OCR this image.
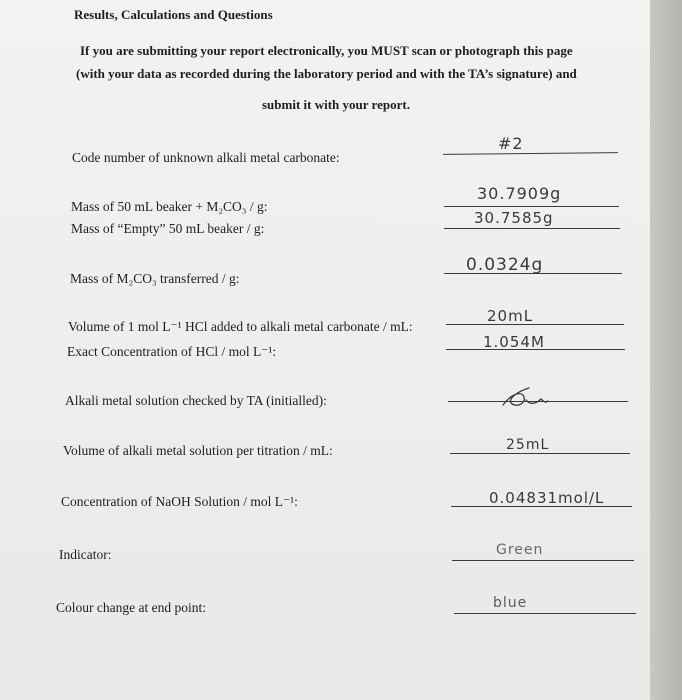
Results, Calculations and Questions
If you are submitting your report electronically, you MUST scan or photograph this page
(with your data as recorded during the laboratory period and with the TA’s signature) and
submit it with your report.
Code number of unknown alkali metal carbonate:
#2
Mass of 50 mL beaker + M₂CO₃ / g:
30.7909g
Mass of “Empty” 50 mL beaker / g:
30.7585g
Mass of M₂CO₃ transferred / g:
0.0324g
Volume of 1 mol L⁻¹ HCl added to alkali metal carbonate / mL:
20mL
Exact Concentration of HCl / mol L⁻¹:
1.054M
Alkali metal solution checked by TA (initialled):
Volume of alkali metal solution per titration / mL:	25mL
Concentration of NaOH Solution / mol L⁻¹:	0.04831mol/L
Indicator:	Green
Colour change at end point:	blue
